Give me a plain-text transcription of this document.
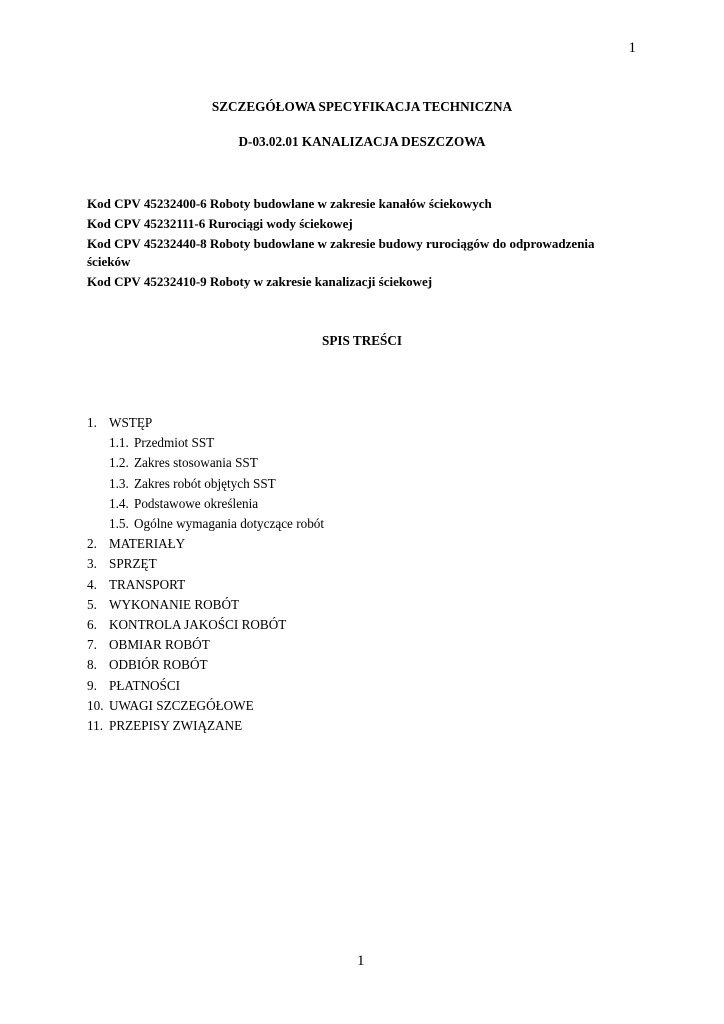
1
SZCZEGÓŁOWA SPECYFIKACJA TECHNICZNA
D-03.02.01 KANALIZACJA DESZCZOWA
Kod CPV 45232400-6 Roboty budowlane w zakresie kanałów ściekowych
Kod CPV 45232111-6 Rurociągi wody ściekowej
Kod CPV 45232440-8 Roboty budowlane w zakresie budowy rurociągów do odprowadzenia
ścieków
Kod CPV 45232410-9 Roboty w zakresie kanalizacji ściekowej
SPIS TREŚCI
1. WSTĘP
1.1. Przedmiot SST
1.2. Zakres stosowania SST
1.3. Zakres robót objętych SST
1.4. Podstawowe określenia
1.5. Ogólne wymagania dotyczące robót
2. MATERIAŁY
3. SPRZĘT
4. TRANSPORT
5. WYKONANIE ROBÓT
6. KONTROLA JAKOŚCI ROBÓT
7. OBMIAR ROBÓT
8. ODBIÓR ROBÓT
9. PŁATNOŚCI
10. UWAGI SZCZEGÓŁOWE
11. PRZEPISY ZWIĄZANE
1
